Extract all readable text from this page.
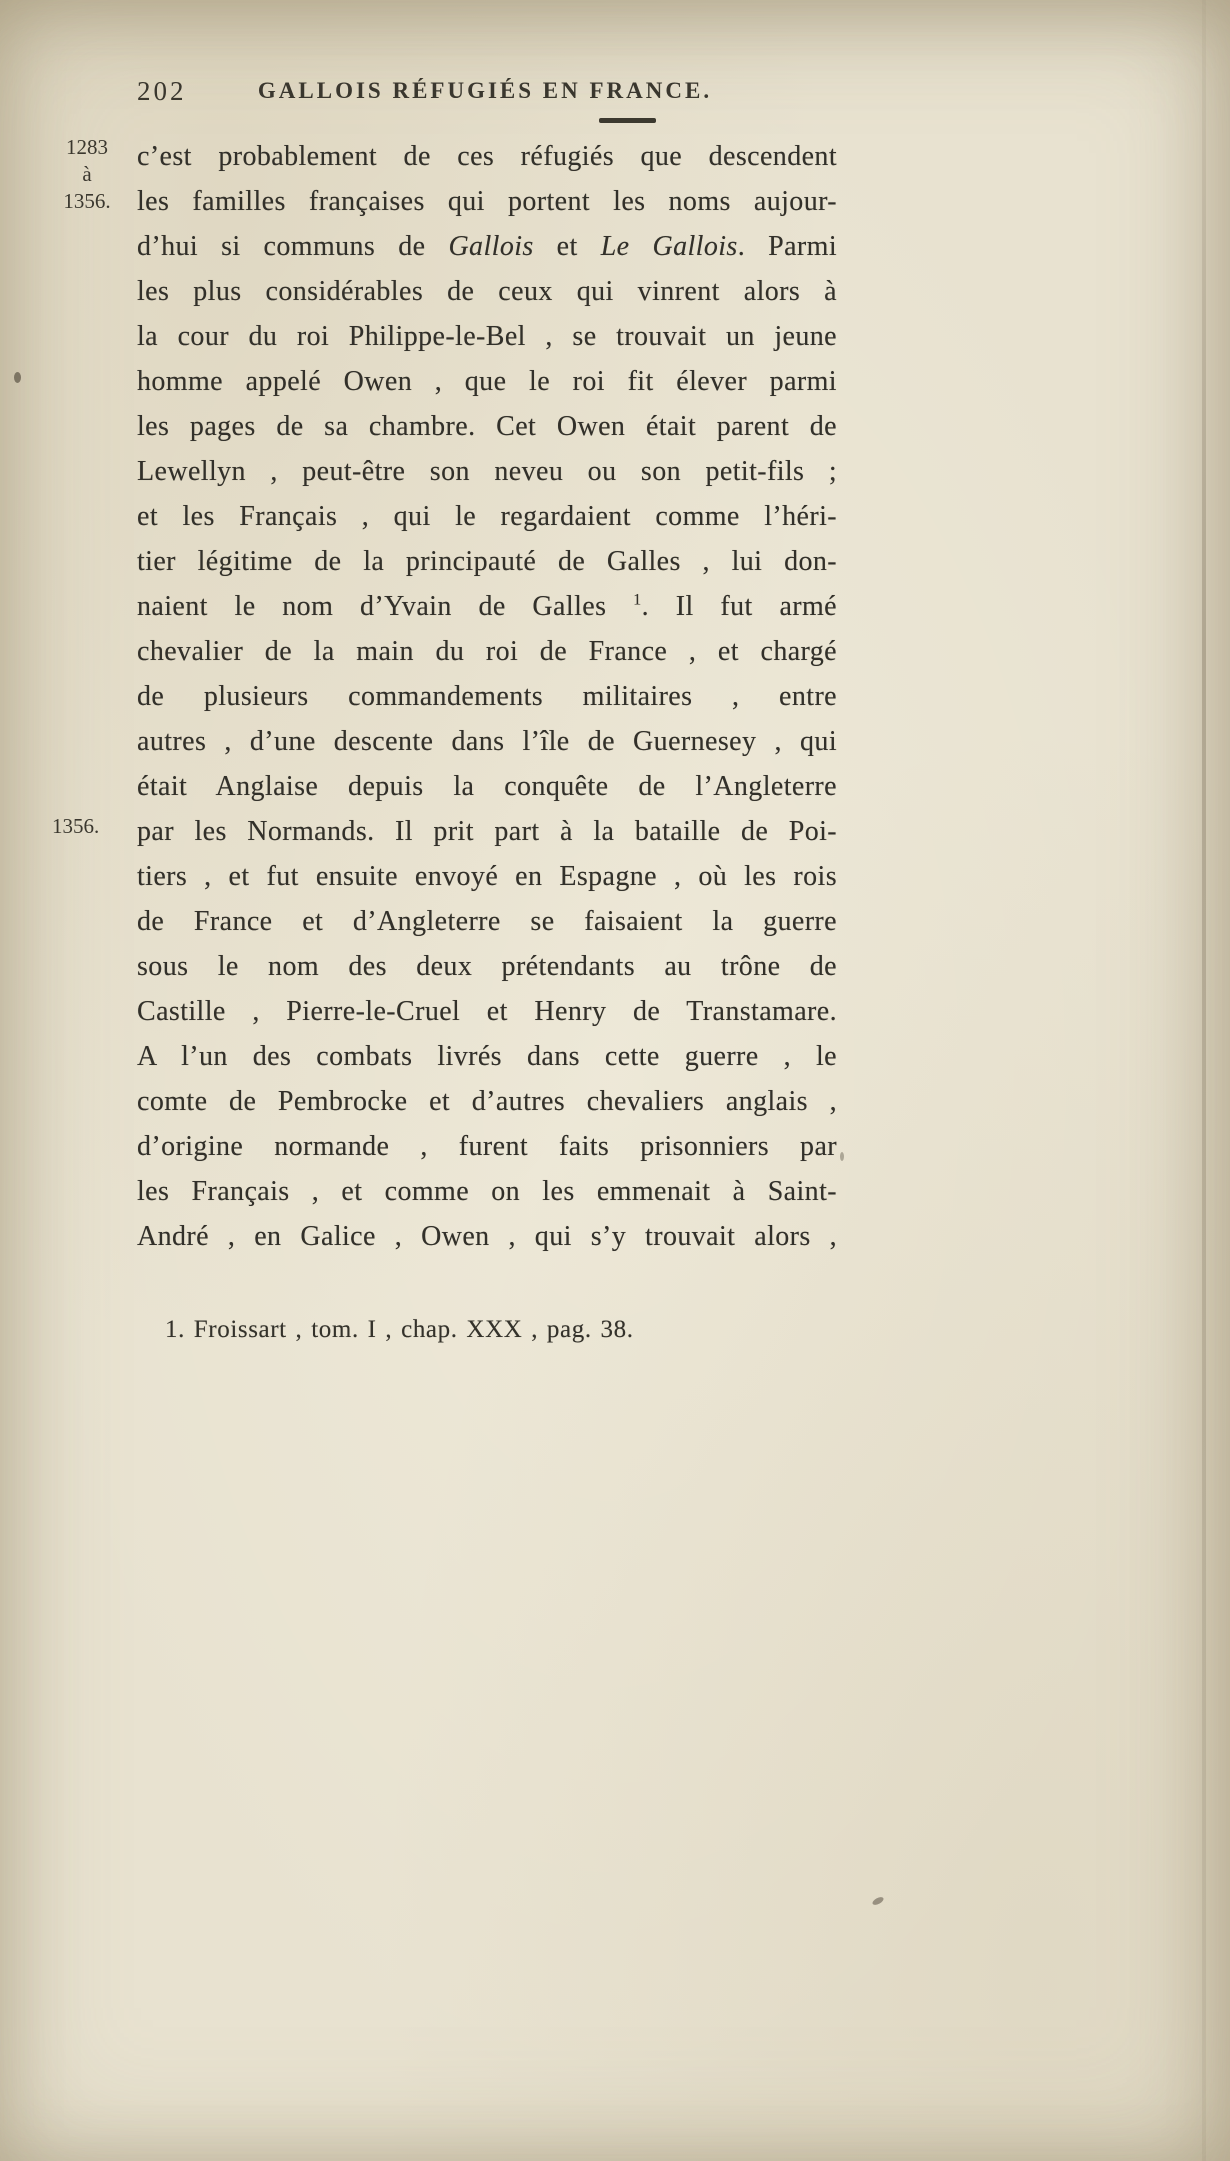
202	GALLOIS RÉFUGIÉS EN FRANCE.
1283
à
1356.
1356.
c’est probablement de ces réfugiés que descendent
les familles françaises qui portent les noms aujour-
d’hui si communs de Gallois et Le Gallois. Parmi
les plus considérables de ceux qui vinrent alors à
la cour du roi Philippe-le-Bel , se trouvait un jeune
homme appelé Owen , que le roi fit élever parmi
les pages de sa chambre. Cet Owen était parent de
Lewellyn , peut-être son neveu ou son petit-fils ;
et les Français , qui le regardaient comme l’héri-
tier légitime de la principauté de Galles , lui don-
naient le nom d’Yvain de Galles $^1$. Il fut armé
chevalier de la main du roi de France , et chargé
de plusieurs commandements militaires , entre
autres , d’une descente dans l’île de Guernesey , qui
était Anglaise depuis la conquête de l’Angleterre
par les Normands. Il prit part à la bataille de Poi-
tiers , et fut ensuite envoyé en Espagne , où les rois
de France et d’Angleterre se faisaient la guerre
sous le nom des deux prétendants au trône de
Castille , Pierre-le-Cruel et Henry de Transtamare.
A l’un des combats livrés dans cette guerre , le
comte de Pembrocke et d’autres chevaliers anglais ,
d’origine normande , furent faits prisonniers par
les Français , et comme on les emmenait à Saint-
André , en Galice , Owen , qui s’y trouvait alors ,
1. Froissart , tom. I , chap. XXX , pag. 38.
